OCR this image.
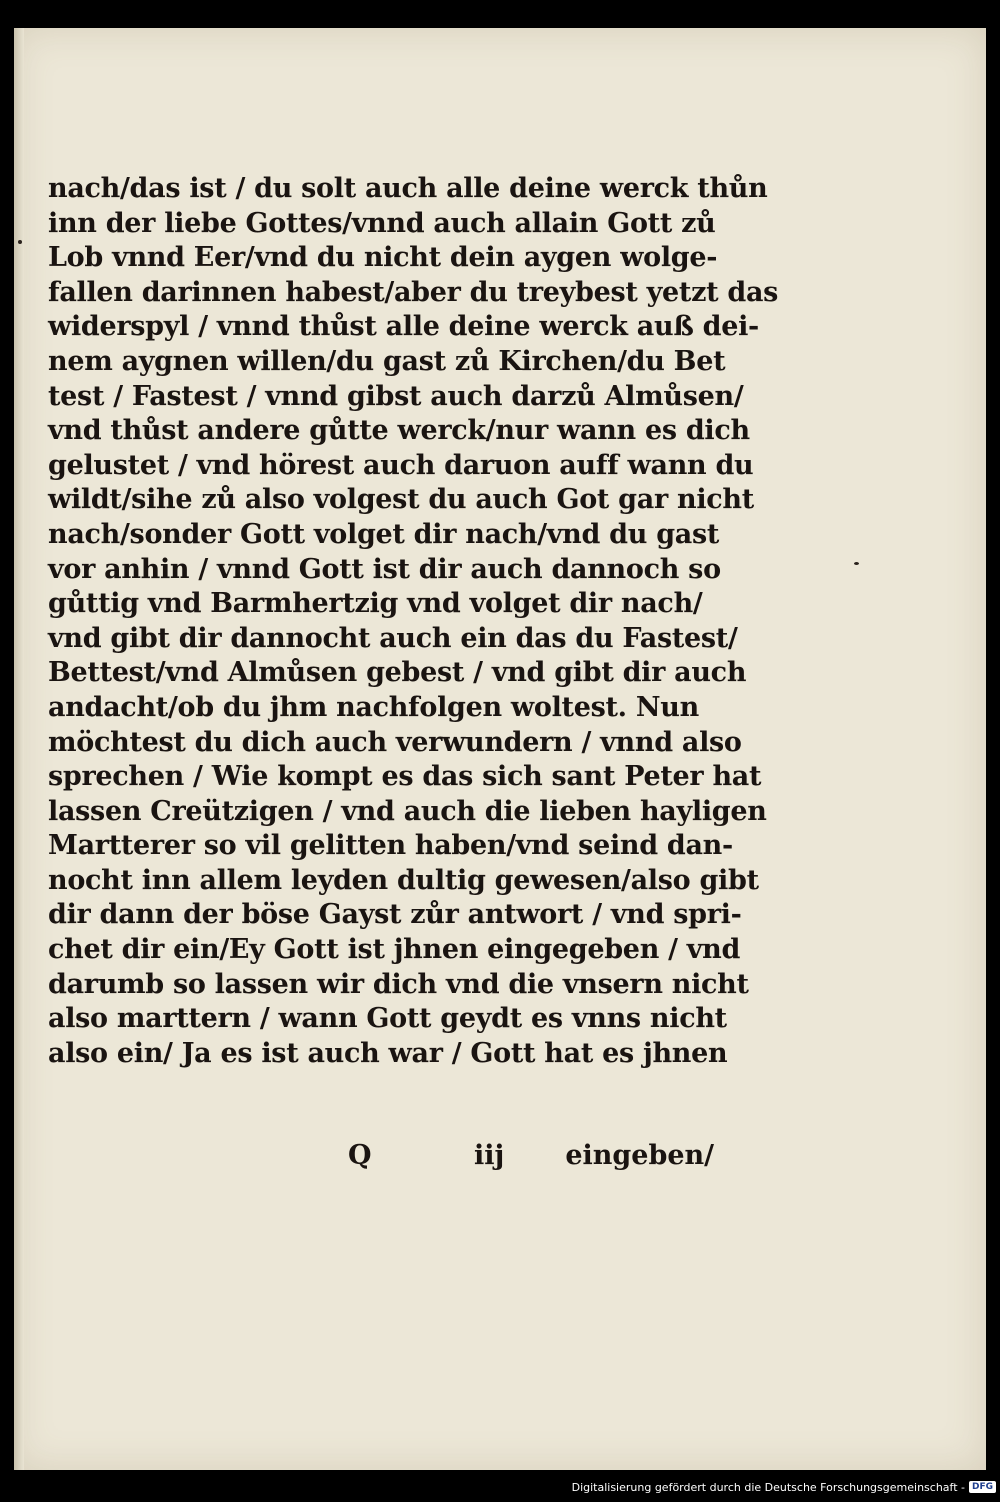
nach/das ist / du solt auch alle deine werck thůn
inn der liebe Gottes/vnnd auch allain Gott zů
Lob vnnd Eer/vnd du nicht dein aygen wolge-
fallen darinnen habest/aber du treybest yetzt das
widerspyl / vnnd thůst alle deine werck auß dei-
nem aygnen willen/du gast zů Kirchen/du Bet
test / Fastest / vnnd gibst auch darzů Almůsen/
vnd thůst andere gůtte werck/nur wann es dich
gelustet / vnd hörest auch daruon auff wann du
wildt/sihe zů also volgest du auch Got gar nicht
nach/sonder Gott volget dir nach/vnd du gast
vor anhin / vnnd Gott ist dir auch dannoch so
gůttig vnd Barmhertzig vnd volget dir nach/
vnd gibt dir dannocht auch ein das du Fastest/
Bettest/vnd Almůsen gebest / vnd gibt dir auch
andacht/ob du jhm nachfolgen woltest. Nun
möchtest du dich auch verwundern / vnnd also
sprechen / Wie kompt es das sich sant Peter hat
lassen Creützigen / vnd auch die lieben hayligen
Martterer so vil gelitten haben/vnd seind dan-
nocht inn allem leyden dultig gewesen/also gibt
dir dann der böse Gayst zůr antwort / vnd spri-
chet dir ein/Ey Gott ist jhnen eingegeben / vnd
darumb so lassen wir dich vnd die vnsern nicht
also marttern / wann Gott geydt es vnns nicht
also ein/ Ja es ist auch war / Gott hat es jhnen
Q	iij eingeben/
Digitalisierung gefördert durch die Deutsche Forschungsgemeinschaft - DFG
